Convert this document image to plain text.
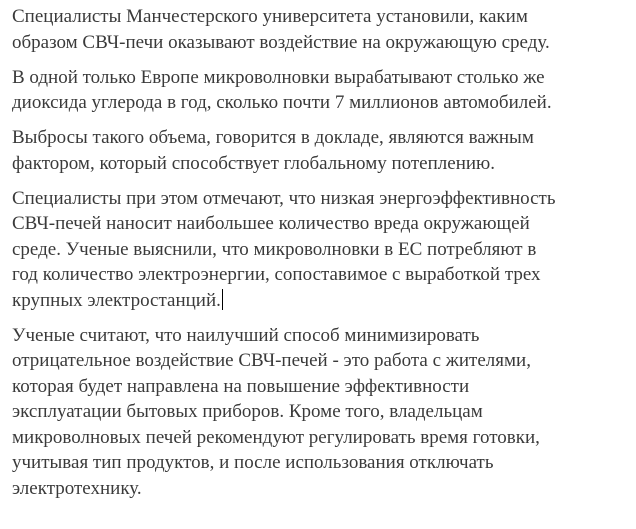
Специалисты Манчестерского университета установили, каким
образом СВЧ-печи оказывают воздействие на окружающую среду.

В одной только Европе микроволновки вырабатывают столько же
диоксида углерода в год, сколько почти 7 миллионов автомобилей.

Выбросы такого объема, говорится в докладе, являются важным
фактором, который способствует глобальному потеплению.

Специалисты при этом отмечают, что низкая энергоэффективность
СВЧ-печей наносит наибольшее количество вреда окружающей
среде. Ученые выяснили, что микроволновки в ЕС потребляют в
год количество электроэнергии, сопоставимое с выработкой трех
крупных электростанций.

Ученые считают, что наилучший способ минимизировать
отрицательное воздействие СВЧ-печей - это работа с жителями,
которая будет направлена на повышение эффективности
эксплуатации бытовых приборов. Кроме того, владельцам
микроволновых печей рекомендуют регулировать время готовки,
учитывая тип продуктов, и после использования отключать
электротехнику.
